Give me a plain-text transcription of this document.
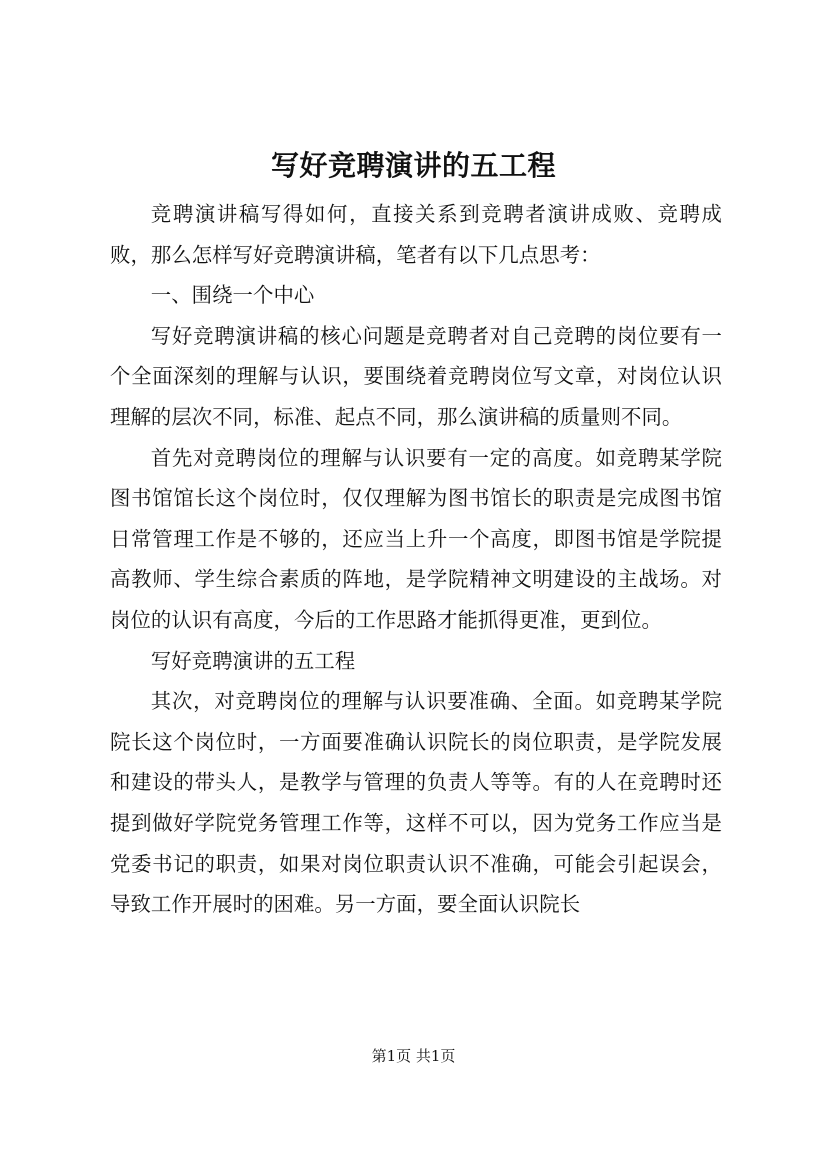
写好竞聘演讲的五工程

竞聘演讲稿写得如何，直接关系到竞聘者演讲成败、竞聘成败，那么怎样写好竞聘演讲稿，笔者有以下几点思考：

一、围绕一个中心

写好竞聘演讲稿的核心问题是竞聘者对自己竞聘的岗位要有一个全面深刻的理解与认识，要围绕着竞聘岗位写文章，对岗位认识理解的层次不同，标准、起点不同，那么演讲稿的质量则不同。

首先对竞聘岗位的理解与认识要有一定的高度。如竞聘某学院图书馆馆长这个岗位时，仅仅理解为图书馆长的职责是完成图书馆日常管理工作是不够的，还应当上升一个高度，即图书馆是学院提高教师、学生综合素质的阵地，是学院精神文明建设的主战场。对岗位的认识有高度，今后的工作思路才能抓得更准，更到位。

写好竞聘演讲的五工程

其次，对竞聘岗位的理解与认识要准确、全面。如竞聘某学院院长这个岗位时，一方面要准确认识院长的岗位职责，是学院发展和建设的带头人，是教学与管理的负责人等等。有的人在竞聘时还提到做好学院党务管理工作等，这样不可以，因为党务工作应当是党委书记的职责，如果对岗位职责认识不准确，可能会引起误会，导致工作开展时的困难。另一方面，要全面认识院长

第1页 共1页
